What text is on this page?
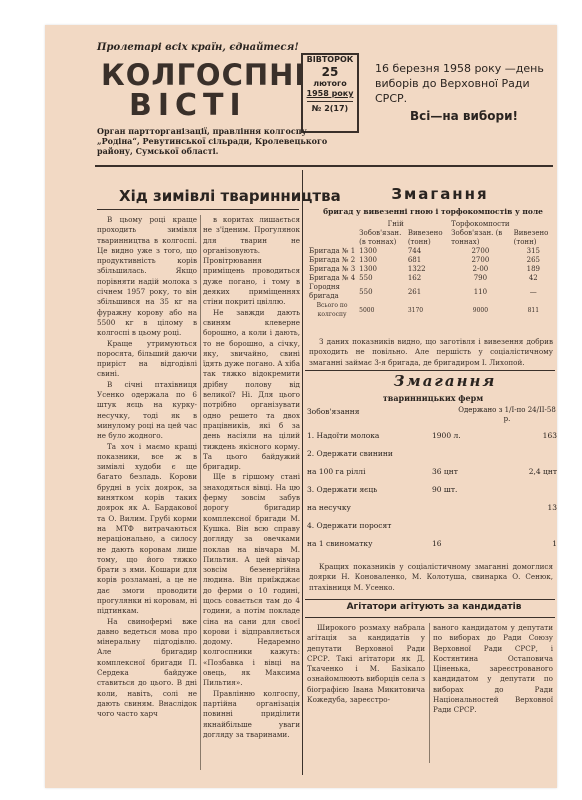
Пролетарі всіх країн, єднайтеся!
КОЛГОСПНІ
ВІСТІ
ВІВТОРОК
25
лютого
1958 року
№ 2(17)
16 березня 1958 року —день виборів до Верховної Ради СРСР.
Всі—на вибори!
Орган партторганізації, правління колгоспу „Родіна“, Ревутинської сільради, Кролевецького району, Сумської області.
Хід зимівлі тваринництва

В цьому році краще проходить зимівля тваринництва в колгоспі. Це видно уже з того, що продуктивність корів збільшилась. Якщо порівняти надій молока з січнем 1957 року, то він збільшився на 35 кг на фуражну корову або на 5500 кг в цілому в колгоспі в цьому році.

Краще утримуються поросята, більший даючи приріст на відгодівлі свині.

В січні птахівниця Усенко одержала по 6 штук яєць на курку-несучку, тоді як в минулому році на цей час не було жодного.

Та хоч і маємо кращі показники, все ж в зимівлі худоби є ще багато безладь. Корови брудні в усіх доярок, за винятком корів таких доярок як А. Бардакової та О. Вилим. Грубі корми на МТФ витрачаються нераціонально, а силосу не дають коровам лише тому, що його тяжко брати з ями. Кошари для корів розламані, а це не дає змоги проводити прогулянки ні коровам, ні підтинкам.

На свинофермі вже давно ведеться мова про мінеральну підгодівлю. Але бригадир комплексної бригади П. Сердека байдуже ставиться до цього. В дні коли, навіть, солі не дають свиням. Внаслідок чого часто харч

в коритах лишається не з'їденим. Прогулянок для тварин не організовують. Провітрювання приміщень проводиться дуже погано, і тому в деяких приміщеннях стіни покриті цвіллю.

Не завжди дають свиням клеверне борошно, а коли і дають, то не борошно, а січку, яку, звичайно, свині їдять дуже погано. А хіба так тяжко відокремити дрібну полову від великої? Ні. Для цього потрібно організувати одно решето та двох працівників, які б за день насіяли на цілий тиждень якісного корму. Та цього байдужий бригадир.

Ще в гіршому стані знаходяться вівці. На цю ферму зовсім забув дорогу бригадир комплексної бригади М. Кушка. Він всю справу догляду за овечками поклав на вівчара М. Пильтия. А цей вівчар зовсім безенергійна людина. Він приїжджає до ферми о 10 годині, щось совається там до 4 години, а потім покладе сіна на сани для своєї корови і відправляється додому. Недаремно колгоспники кажуть: «Позбавка і вівці на овець, як Максима Пильтия».

Правлінню колгоспу, партійна організація повинні приділити якнайбільше уваги догляду за тваринами.

Змагання
бригад у вивезенні гною і торфокомпостів у поле
	Гній		Торфокомпости	
	Зобов'язан. (в тоннах)	Вивезено (тонн)	Зобов'язан. (в тоннах)	Вивезено (тонн)
Бригада № 1	1300	744	2700	315
Бригада № 2	1300	681	2700	265
Бригада № 3	1300	1322	2-00	189
Бригада № 4	550	162	790	42
Городня бригада	550	261	110	—
Всього по колгоспу	5000	3170	9000	811

З даних показників видно, що заготівля і вивезення добрив проходить не повільно. Але першість у соціалістичному змаганні займає 3-я бригада, де бригадиром І. Лихопой.

Змагання
тваринницьких ферм
Зобов'язання	Одержано з 1/I-по 24/II-58 р.
1. Надоїти молока	1900 л.	163
2. Одержати свинини
на 100 га ріллі	36 цнт	2,4 цнт
3. Одержати яєць	90 шт.
на несучку	13
4. Одержати поросят
на 1 свиноматку	16	1

Кращих показників у соціалістичному змаганні домоглися доярки Н. Коноваленко, М. Колотуша, свинарка О. Сенюк, птахівниця М. Усенко.

Агітатори агітують за кандидатів

Широкого розмаху набрала агітація за кандидатів у депутати Верховної Ради СРСР. Такі агітатори як Д. Ткаченко і М. Базікало ознайомлюють виборців села з біографією Івана Микитовича Кожедуба, зареєстро-

ваного кандидатом у депутати по виборах до Ради Союзу Верховної Ради СРСР, і Костянтина Остаповича Ціненька, зареєстрованого кандидатом у депутати по виборах до Ради Національностей Верховної Ради СРСР.
